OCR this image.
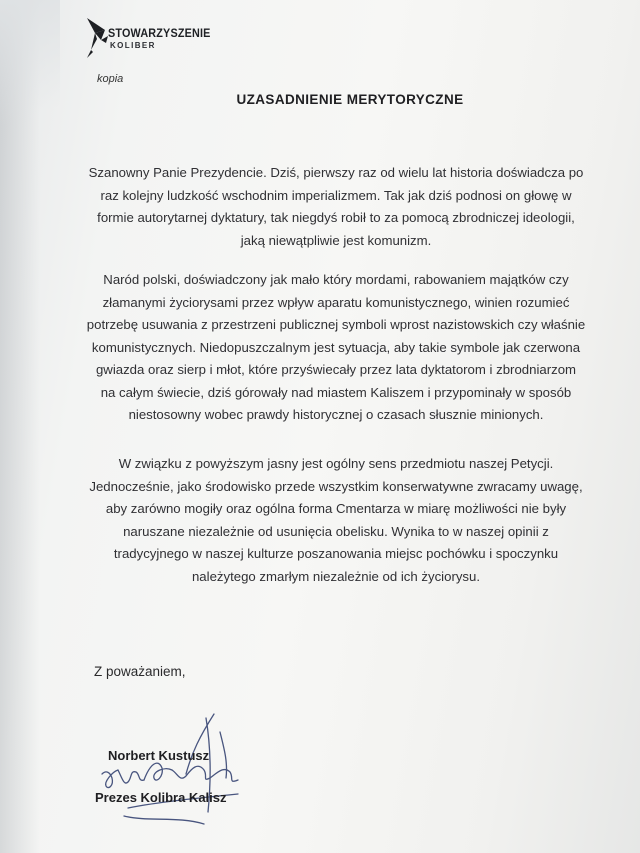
STOWARZYSZENIE
KOLIBER
kopia
UZASADNIENIE MERYTORYCZNE
Szanowny Panie Prezydencie. Dziś, pierwszy raz od wielu lat historia doświadcza po
raz kolejny ludzkość wschodnim imperializmem. Tak jak dziś podnosi on głowę w
formie autorytarnej dyktatury, tak niegdyś robił to za pomocą zbrodniczej ideologii,
jaką niewątpliwie jest komunizm.
Naród polski, doświadczony jak mało który mordami, rabowaniem majątków czy
złamanymi życiorysami przez wpływ aparatu komunistycznego, winien rozumieć
potrzebę usuwania z przestrzeni publicznej symboli wprost nazistowskich czy właśnie
komunistycznych. Niedopuszczalnym jest sytuacja, aby takie symbole jak czerwona
gwiazda oraz sierp i młot, które przyświecały przez lata dyktatorom i zbrodniarzom
na całym świecie, dziś górowały nad miastem Kaliszem i przypominały w sposób
niestosowny wobec prawdy historycznej o czasach słusznie minionych.
W związku z powyższym jasny jest ogólny sens przedmiotu naszej Petycji.
Jednocześnie, jako środowisko przede wszystkim konserwatywne zwracamy uwagę,
aby zarówno mogiły oraz ogólna forma Cmentarza w miarę możliwości nie były
naruszane niezależnie od usunięcia obelisku. Wynika to w naszej opinii z
tradycyjnego w naszej kulturze poszanowania miejsc pochówku i spoczynku
należytego zmarłym niezależnie od ich życiorysu.
Z poważaniem,
Norbert Kustusz
Prezes Kolibra Kalisz
